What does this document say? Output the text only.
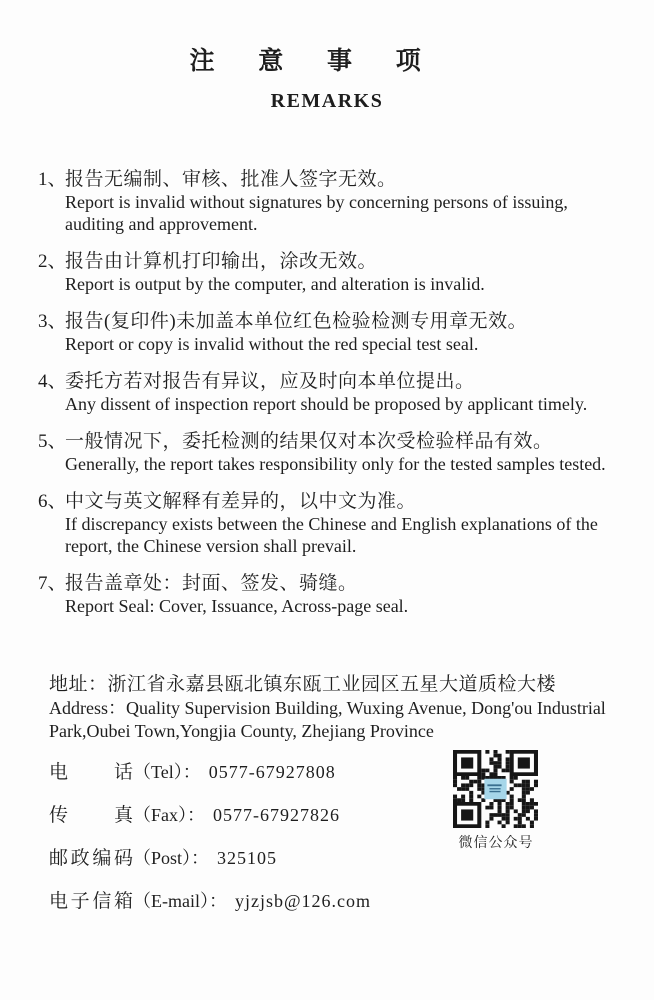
注意事项
REMARKS
1、
报告无编制、审核、批准人签字无效。
Report is invalid without signatures by concerning persons of issuing, auditing and approvement.
2、
报告由计算机打印输出，涂改无效。
Report is output by the computer, and alteration is invalid.
3、
报告(复印件)未加盖本单位红色检验检测专用章无效。
Report or copy is invalid without the red special test seal.
4、
委托方若对报告有异议，应及时向本单位提出。
Any dissent of inspection report should be proposed by applicant timely.
5、
一般情况下，委托检测的结果仅对本次受检验样品有效。
Generally, the report takes responsibility only for the tested samples tested.
6、
中文与英文解释有差异的，以中文为准。
If discrepancy exists between the Chinese and English explanations of the report, the Chinese version shall prevail.
7、
报告盖章处：封面、签发、骑缝。
Report Seal: Cover, Issuance, Across-page seal.
地址：浙江省永嘉县瓯北镇东瓯工业园区五星大道质检大楼
Address：Quality Supervision Building, Wuxing Avenue, Dong'ou Industrial Park,Oubei Town,Yongjia County, Zhejiang Province
电 话 （Tel）： 0577-67927808
传 真 （Fax）： 0577-67927826
邮 政 编 码 （Post）： 325105
电 子 信 箱 （E-mail）： yjzjsb@126.com
微信公众号
